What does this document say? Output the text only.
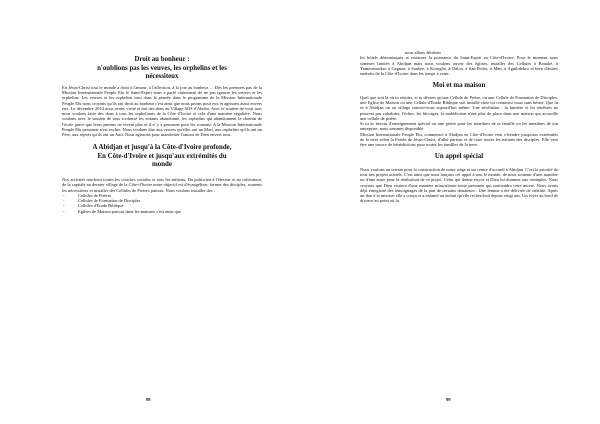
Droit au bonheur :
n'oublions pas les veuves, les orphelins et les
nécessiteux

En Jésus-Christ tout le monde a droit à l'amour, à l'affection, à la joie au bonheur…. Dès les premiers pas de la Mission Internationale Peuple Elu le Saint-Esprit nous a parlé clairement de ne pas ignorer les veuves et les orphelins. Les veuves et les orphelins sont dans la pensée dans le programme de la Mission Internationale Peuple Elu nous croyons qu'ils ont droit au bonheur c'est ainsi que nous prions pour eux et agissons aussi envers eux. Le décembre 2014 nous avons visité et fait des dons au Village SOS d'Abobo. Avec le soutien de vous tous nous voulons faire des dons à tous les orphelinats de la Côte d'Ivoire et cela d'une manière régulière. Nous voulons avec le soutien de tous scolarisé les enfants abandonné, les orphelins qui abandonnent le chemin de l'école parce que leurs parents ne vivent plus et il n' y a personne pour les soutenir. A la Mission Internationale Peuple Elu personne n'est exclue. Nous voulons dire aux veuves qu'elles ont un Mari, aux orphelins qu'ils ont un Père, aux rejetés qu'ils ont un Ami. Nous agissons pour manifester l'amour de Dieu envers tous.

A Abidjan et jusqu'à la Côte-d'Ivoire profonde,
En Côte-d'Ivoire et jusqu'aux extrémités du
monde

Nos activités touchent toutes les couches sociales et tous les milieux. Du politicien à l'éleveur et au cultivateur, de la capitale au dernier village de la Côte-d'Ivoire notre objectif est d'évangéliser, former des disciples, soutenir les nécessiteux et installer des Cellules de Prières partout. Nous voulons installer des :

-	Cellules de Prières
-	Cellules de Formation de Disciples
-	Cellules d'Etude Biblique
-	Eglises de Maison partout dans les maisons c'est ainsi que
98

nous allons détrôner

les hôtels démoniaques et restaurer la puissance du Saint-Esprit en Côte-d'Ivoire. Pour le moment nous sommes limitée à Abidjan mais nous voulons ouvrir des églises, installer des Cellules à Bouaké, à Yamoussoukro à Gagnoa, à Soubre, à Korogho, à Daloa, à San-Pedro, à Man, à Agnibilekro et bien d'autres endroits de la Côte-d'Ivoire dans les temps à venir.

Moi et ma maison

Quel que soit là où tu résides, si tu désires qu'une Cellule de Prière, ou une Cellule de Formation de Disciples, une Eglise de Maison ou une Cellule d'Etude Biblique soit installé chez toi contactez nous sans hésité. Que tu es à Abidjan ou au village contact-nous aujourd'hui même. Une révélation : la lumière et les ténèbres ne peuvent pas cohabiter, l'échec, les blocages, la malédiction n'ont plus de place dans une maison qui accueille une cellule de prière.

Si tu as besoin d'enseignement spécial ou une prière pour les membres de ta famille ou les membres de ton entreprise, nous sommes disponible.

Mission Internationale Peuple Elu, commencé à Abidjan en Côte-d'Ivoire veut s'étendre jusqu'aux extrémités de la terre selon la Parole de Jésus-Christ, d'aller partout et de faire toutes les nations des disciples. Elle veut être une source de bénédictions pour toutes les familles de la terre.

Un appel spécial

Nous voulons un terrain pour la construction de notre siège et un centre d'accueil à Abidjan. C'est la priorité de tous nos projets actuels. C'est ainsi que nous lançons cet appel à tout le monde, de nous soutenir d'une manière ou d'une autre pour la réalisation de ce projet. Celui qui donne reçois et Dieu lui donnera aux centuples. Nous croyons que Dieu visitera d'une manière miraculeuse toute personne qui soutiendra cette œuvre. Nous avons déjà enregistré des témoignages de la part de certains donateurs : Une femme a été délivrée de stérilité. Après un don à la mission elle a conçu et a enfanté un enfant qu'elle recherchait depuis vingt ans. Un foyer au bord de divorce au point où la

99
